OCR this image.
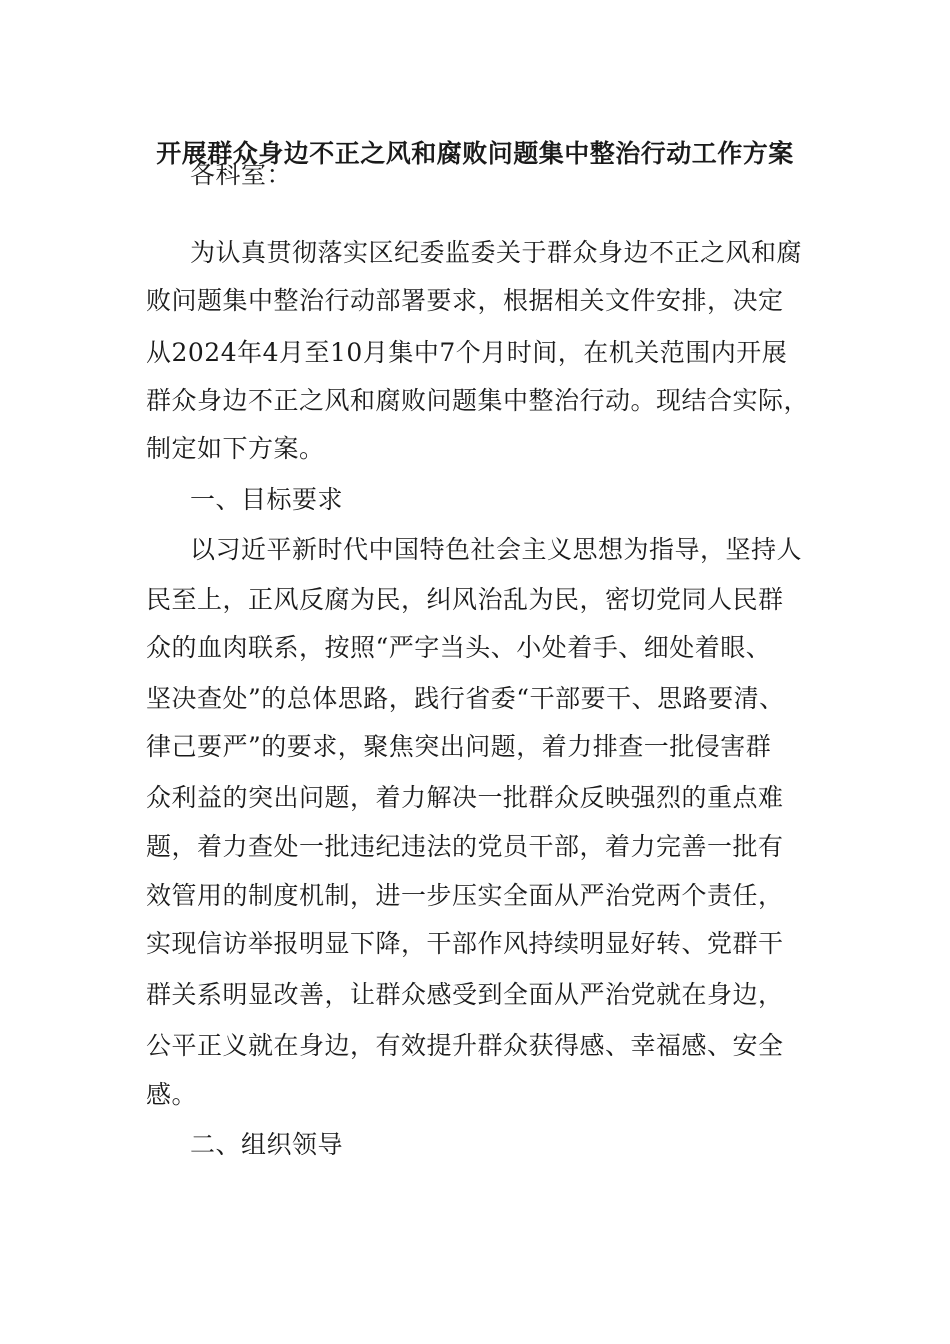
开展群众身边不正之风和腐败问题集中整治行动工作方案
各科室：
为认真贯彻落实区纪委监委关于群众身边不正之风和腐
败问题集中整治行动部署要求，根据相关文件安排，决定
从2024年4月至10月集中7个月时间，在机关范围内开展
群众身边不正之风和腐败问题集中整治行动。现结合实际，
制定如下方案。
一、目标要求
以习近平新时代中国特色社会主义思想为指导，坚持人
民至上，正风反腐为民，纠风治乱为民，密切党同人民群
众的血肉联系，按照“严字当头、小处着手、细处着眼、
坚决查处”的总体思路，践行省委“干部要干、思路要清、
律己要严”的要求，聚焦突出问题，着力排查一批侵害群
众利益的突出问题，着力解决一批群众反映强烈的重点难
题，着力查处一批违纪违法的党员干部，着力完善一批有
效管用的制度机制，进一步压实全面从严治党两个责任，
实现信访举报明显下降，干部作风持续明显好转、党群干
群关系明显改善，让群众感受到全面从严治党就在身边，
公平正义就在身边，有效提升群众获得感、幸福感、安全
感。
二、组织领导
